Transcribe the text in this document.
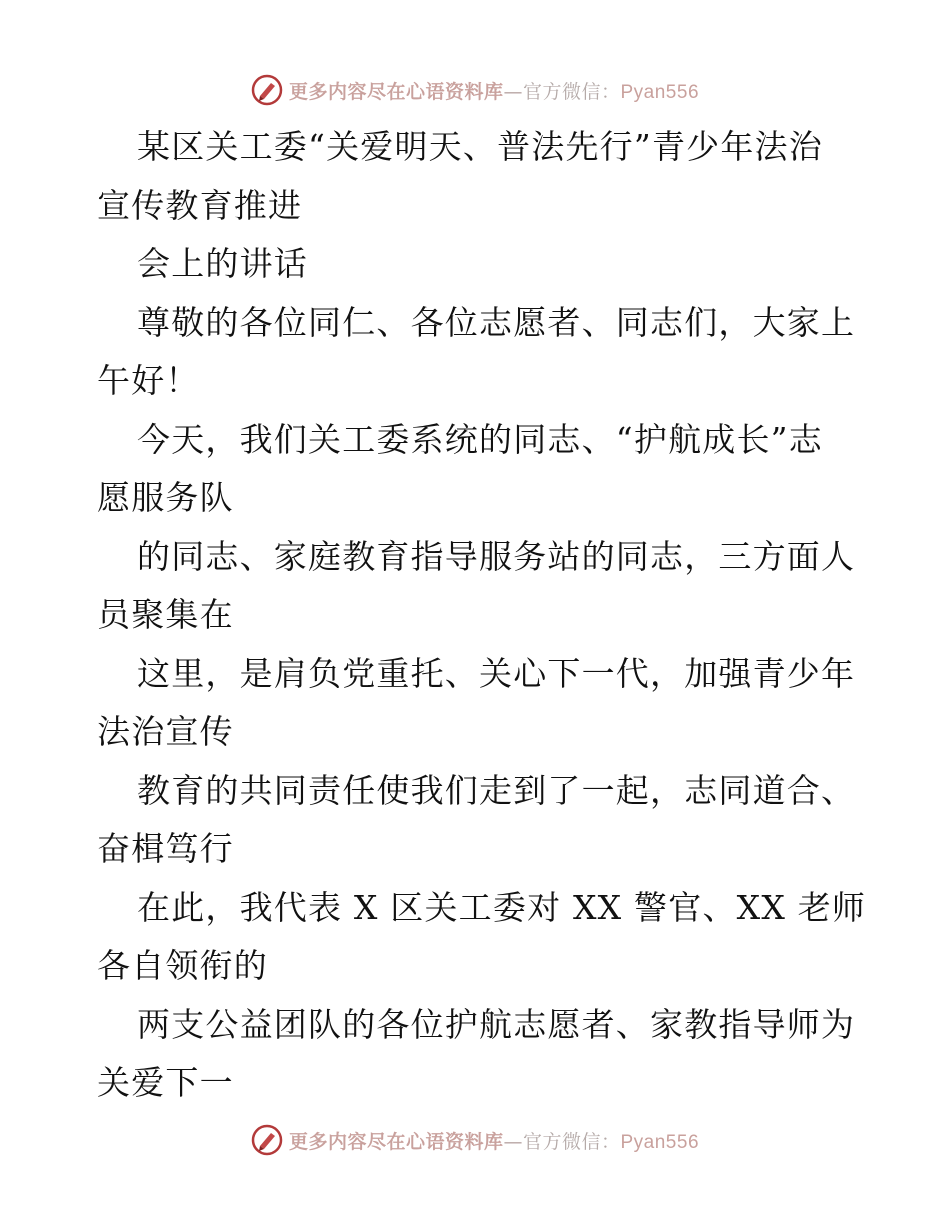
更多内容尽在心语资料库—官方微信：Pyan556
某区关工委“关爱明天、普法先行”青少年法治
宣传教育推进
会上的讲话
尊敬的各位同仁、各位志愿者、同志们，大家上
午好！
今天，我们关工委系统的同志、“护航成长”志
愿服务队
的同志、家庭教育指导服务站的同志，三方面人
员聚集在
这里，是肩负党重托、关心下一代，加强青少年
法治宣传
教育的共同责任使我们走到了一起，志同道合、
奋楫笃行
在此，我代表 X 区关工委对 XX 警官、XX 老师
各自领衔的
两支公益团队的各位护航志愿者、家教指导师为
关爱下一
更多内容尽在心语资料库—官方微信：Pyan556
